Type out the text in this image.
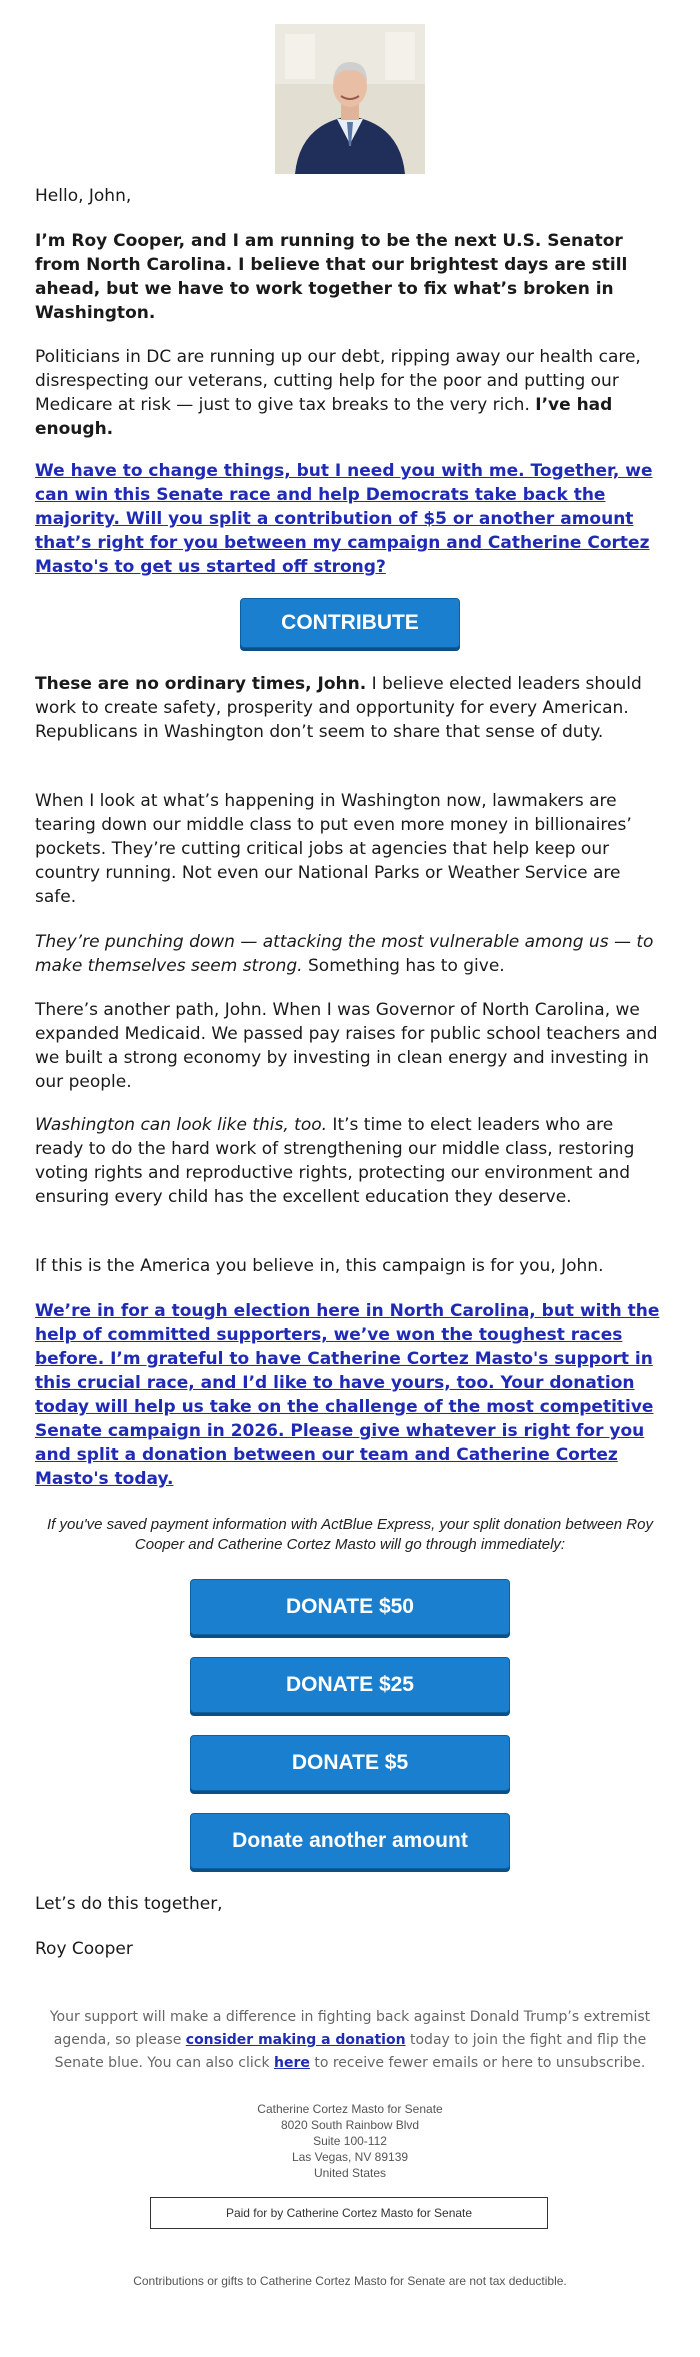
Hello, John,

I’m Roy Cooper, and I am running to be the next U.S. Senator from North Carolina. I believe that our brightest days are still ahead, but we have to work together to fix what’s broken in Washington.

Politicians in DC are running up our debt, ripping away our health care, disrespecting our veterans, cutting help for the poor and putting our Medicare at risk — just to give tax breaks to the very rich. I’ve had enough.

We have to change things, but I need you with me. Together, we can win this Senate race and help Democrats take back the majority. Will you split a contribution of $5 or another amount that’s right for you between my campaign and Catherine Cortez Masto's to get us started off strong?
CONTRIBUTE

These are no ordinary times, John. I believe elected leaders should work to create safety, prosperity and opportunity for every American. Republicans in Washington don’t seem to share that sense of duty.

When I look at what’s happening in Washington now, lawmakers are tearing down our middle class to put even more money in billionaires’ pockets. They’re cutting critical jobs at agencies that help keep our country running. Not even our National Parks or Weather Service are safe.

They’re punching down — attacking the most vulnerable among us — to make themselves seem strong. Something has to give.

There’s another path, John. When I was Governor of North Carolina, we expanded Medicaid. We passed pay raises for public school teachers and we built a strong economy by investing in clean energy and investing in our people.

Washington can look like this, too. It’s time to elect leaders who are ready to do the hard work of strengthening our middle class, restoring voting rights and reproductive rights, protecting our environment and ensuring every child has the excellent education they deserve.

If this is the America you believe in, this campaign is for you, John.

We’re in for a tough election here in North Carolina, but with the help of committed supporters, we’ve won the toughest races before. I’m grateful to have Catherine Cortez Masto's support in this crucial race, and I’d like to have yours, too. Your donation today will help us take on the challenge of the most competitive Senate campaign in 2026. Please give whatever is right for you and split a donation between our team and Catherine Cortez Masto's today.

If you've saved payment information with ActBlue Express, your split donation between Roy Cooper and Catherine Cortez Masto will go through immediately:

DONATE $50
DONATE $25
DONATE $5
Donate another amount

Let’s do this together,

Roy Cooper

Your support will make a difference in fighting back against Donald Trump’s extremist agenda, so please consider making a donation today to join the fight and flip the Senate blue. You can also click here to receive fewer emails or here to unsubscribe.

Catherine Cortez Masto for Senate
8020 South Rainbow Blvd
Suite 100-112
Las Vegas, NV 89139
United States
Paid for by Catherine Cortez Masto for Senate
Contributions or gifts to Catherine Cortez Masto for Senate are not tax deductible.
